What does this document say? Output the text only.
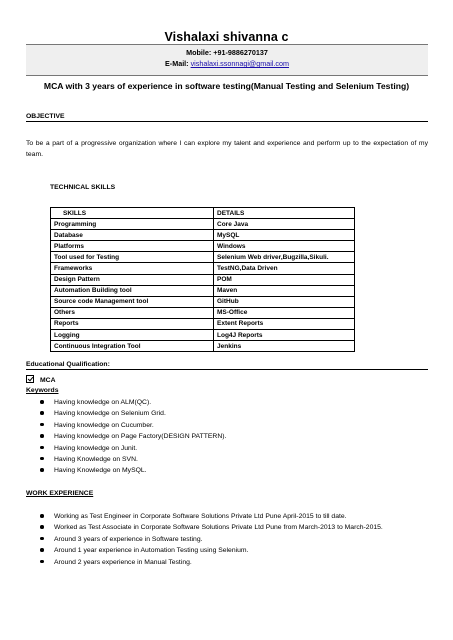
Vishalaxi shivanna c
Mobile: +91-9886270137
E-Mail: vishalaxi.ssonnagi@gmail.com
MCA with 3 years of experience in software testing(Manual Testing and Selenium Testing)
OBJECTIVE
To be a part of a progressive organization where I can explore my talent and experience and perform up to the expectation of my team.
TECHNICAL SKILLS
SKILLS	DETAILS
Programming	Core Java
Database	MySQL
Platforms	Windows
Tool used for Testing	Selenium Web driver,Bugzilla,Sikuli.
Frameworks	TestNG,Data Driven
Design Pattern	POM
Automation Building tool	Maven
Source code Management tool	GitHub
Others	MS-Office
Reports	Extent Reports
Logging	Log4J Reports
Continuous Integration Tool	Jenkins
Educational Qualification:
MCA
Keywords
Having knowledge on ALM(QC).
Having knowledge on Selenium Grid.
Having knowledge on Cucumber.
Having knowledge on Page Factory(DESIGN PATTERN).
Having knowledge on Junit.
Having Knowledge on SVN.
Having Knowledge on MySQL.
WORK EXPERIENCE
Working as Test Engineer in Corporate Software Solutions Private Ltd Pune April-2015 to till date.
Worked as Test Associate in Corporate Software Solutions Private Ltd Pune from March-2013 to March-2015.
Around 3 years of experience in Software testing.
Around 1 year experience in Automation Testing using Selenium.
Around 2 years experience in Manual Testing.
